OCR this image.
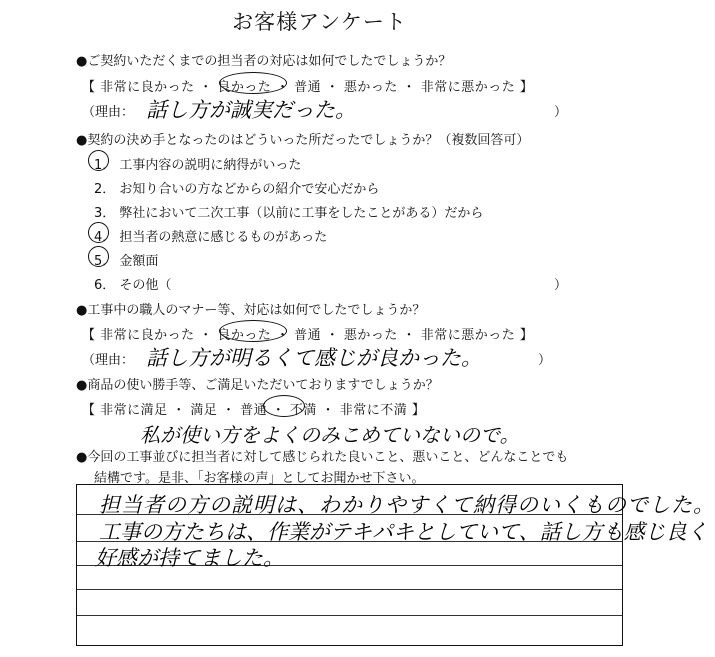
お客様アンケート
●ご契約いただくまでの担当者の対応は如何でしたでしょうか？
【 非常に良かった ・ 良かった ・ 普通 ・ 悪かった ・ 非常に悪かった 】
（理由： 話し方が誠実だった。	）
●契約の決め手となったのはどういった所だったでしょうか？（複数回答可）
1． 工事内容の説明に納得がいった
2． お知り合いの方などからの紹介で安心だから
3． 弊社において二次工事（以前に工事をしたことがある）だから
4． 担当者の熱意に感じるものがあった
5． 金額面
6． その他（	）
●工事中の職人のマナー等、対応は如何でしたでしょうか？
【 非常に良かった ・ 良かった ・ 普通 ・ 悪かった ・ 非常に悪かった 】
（理由： 話し方が明るくて感じが良かった。	）
●商品の使い勝手等、ご満足いただいておりますでしょうか？
【 非常に満足 ・ 満足 ・ 普通 ・ 不満 ・ 非常に不満 】
私が使い方をよくのみこめていないので。
●今回の工事並びに担当者に対して感じられた良いこと、悪いこと、どんなことでも
結構です。是非、「お客様の声」としてお聞かせ下さい。
担当者の方の説明は、わかりやすくて納得のいくものでした。
工事の方たちは、作業がテキパキとしていて、話し方も感じ良く
好感が持てました。
